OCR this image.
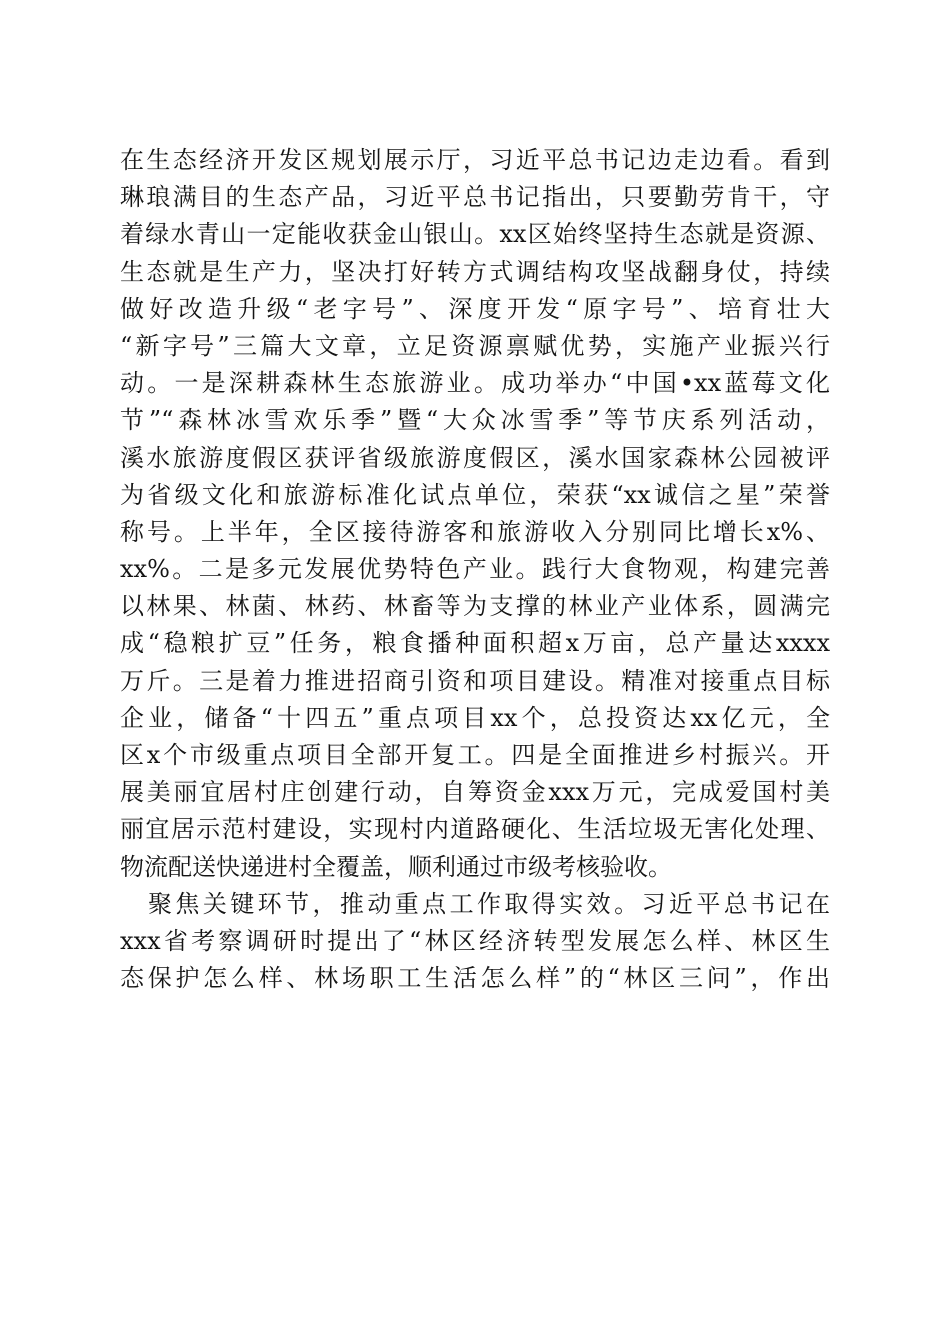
在生态经济开发区规划展示厅，习近平总书记边走边看。看到
琳琅满目的生态产品，习近平总书记指出，只要勤劳肯干，守
着绿水青山一定能收获金山银山。xx区始终坚持生态就是资源、
生态就是生产力，坚决打好转方式调结构攻坚战翻身仗，持续
做好改造升级“老字号”、深度开发“原字号”、培育壮大
“新字号”三篇大文章，立足资源禀赋优势，实施产业振兴行
动。一是深耕森林生态旅游业。成功举办“中国•xx蓝莓文化
节”“森林冰雪欢乐季”暨“大众冰雪季”等节庆系列活动，
溪水旅游度假区获评省级旅游度假区，溪水国家森林公园被评
为省级文化和旅游标准化试点单位，荣获“xx诚信之星”荣誉
称号。上半年，全区接待游客和旅游收入分别同比增长x%、
xx%。二是多元发展优势特色产业。践行大食物观，构建完善
以林果、林菌、林药、林畜等为支撑的林业产业体系，圆满完
成“稳粮扩豆”任务，粮食播种面积超x万亩，总产量达xxxx
万斤。三是着力推进招商引资和项目建设。精准对接重点目标
企业，储备“十四五”重点项目xx个，总投资达xx亿元，全
区x个市级重点项目全部开复工。四是全面推进乡村振兴。开
展美丽宜居村庄创建行动，自筹资金xxx万元，完成爱国村美
丽宜居示范村建设，实现村内道路硬化、生活垃圾无害化处理、
物流配送快递进村全覆盖，顺利通过市级考核验收。
聚焦关键环节，推动重点工作取得实效。习近平总书记在
xxx省考察调研时提出了“林区经济转型发展怎么样、林区生
态保护怎么样、林场职工生活怎么样”的“林区三问”，作出
